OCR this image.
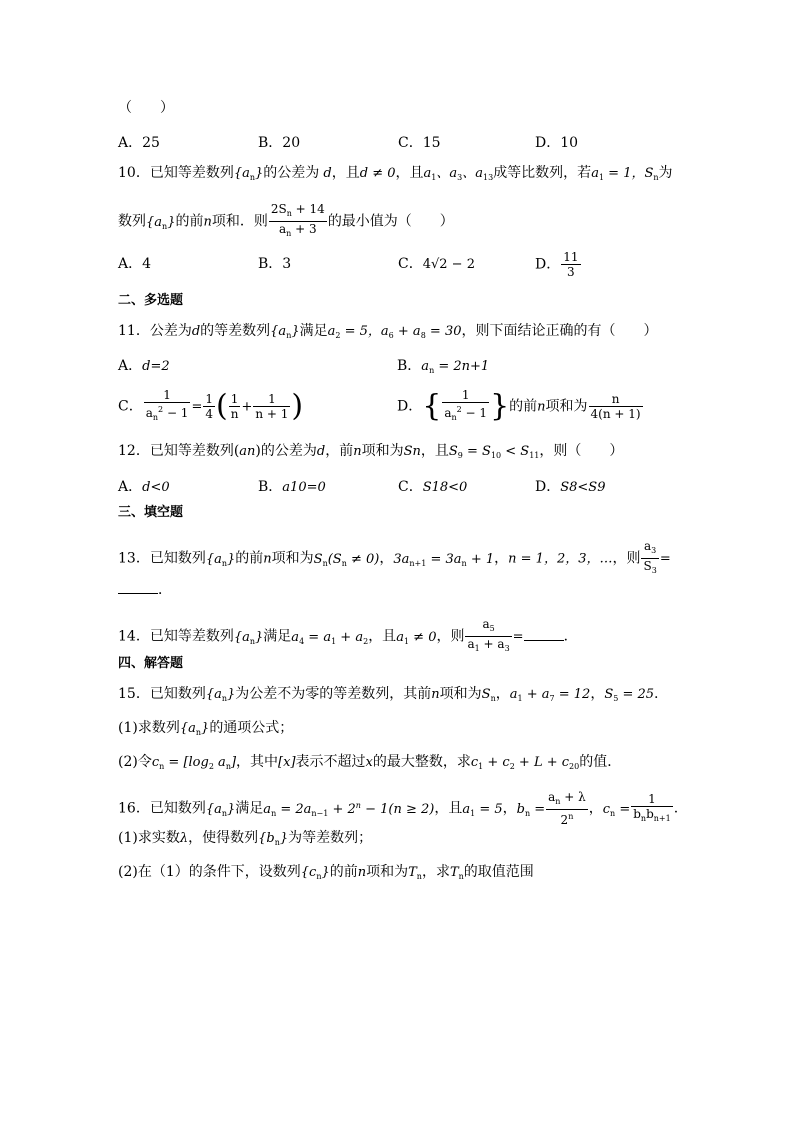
（　　）
A．25	B．20	C．15	D．10
10．已知等差数列$\{a_n\}$的公差为 d，且d ≠ 0，且$a_1$、$a_3$、$a_{13}$成等比数列，若$a_1 = 1$，$S_n$为
数列$\{a_n\}$的前n项和．则 $\frac{2S_n + 14}{a_n + 3}$ 的最小值为（　　）
A．4	B．3	C．4√2 − 2	D． $\frac{11}{3}$
二、多选题
11．公差为d的等差数列$\{a_n\}$满足$a_2 = 5$，$a_6 + a_8 = 30$，则下面结论正确的有（　　）
A．d=2	B．$a_n = 2n+1$
C． $\frac{1}{a_n^2 - 1} = \frac{1}{4}$ ( $\frac{1}{n} + \frac{1}{n + 1}$ )	D．{ $\frac{1}{a_n^2 - 1}$ }的前n项和为 $\frac{n}{4(n + 1)}$
12．已知等差数列(an)的公差为d，前n项和为Sn，且$S_9 = S_{10} < S_{11}$，则（　　）
A．d<0	B．a10=0	C．S18<0	D．S8<S9
三、填空题
13．已知数列$\{a_n\}$的前n项和为$S_n(S_n \ne 0)$，$3a_{n+1} = 3a_n + 1$，n = 1，2，3，…，则 $\frac{a_3}{S_3}$ =
．
14．已知等差数列$\{a_n\}$满足$a_4 = a_1 + a_2$，且$a_1 \ne 0$，则 $\frac{a_5}{a_1 + a_3}$ =	．
四、解答题
15．已知数列$\{a_n\}$为公差不为零的等差数列，其前n项和为$S_n$，$a_1 + a_7 = 12$，$S_5 = 25$.
(1)求数列$\{a_n\}$的通项公式；
(2)令$c_n = [\log_2$ $a_n$]，其中[x]表示不超过x的最大整数，求$c_1 + c_2 + L + c_{20}$的值．
16．已知数列$\{a_n\}$满足$a_n = 2a_{n-1} + 2^n - 1(n \ge 2)$，且$a_1 = 5$，$b_n = \frac{a_n + \lambda}{2^n}$ ，$c_n = \frac{1}{b_nb_{n+1}}$ .
(1)求实数λ，使得数列$\{b_n\}$为等差数列；
(2)在（1）的条件下，设数列$\{c_n\}$的前n项和为$T_n$，求$T_n$的取值范围
